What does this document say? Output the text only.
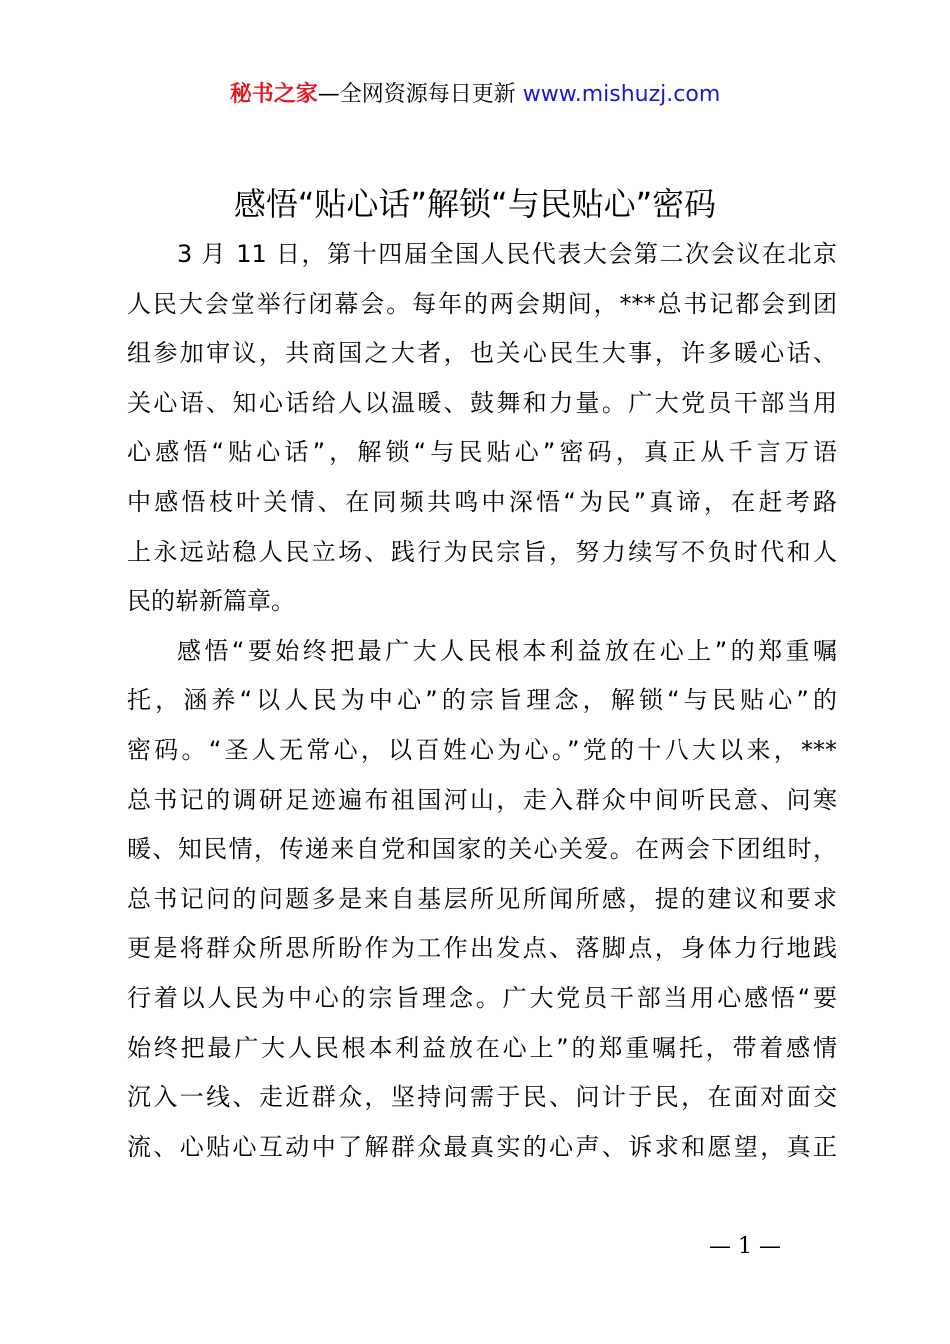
秘书之家—全网资源每日更新 www.mishuzj.com
感悟“贴心话”解锁“与民贴心”密码
3 月 11 日，第十四届全国人民代表大会第二次会议在北京
人民大会堂举行闭幕会。每年的两会期间，***总书记都会到团
组参加审议，共商国之大者，也关心民生大事，许多暖心话、
关心语、知心话给人以温暖、鼓舞和力量。广大党员干部当用
心感悟“贴心话”，解锁“与民贴心”密码，真正从千言万语
中感悟枝叶关情、在同频共鸣中深悟“为民”真谛，在赶考路
上永远站稳人民立场、践行为民宗旨，努力续写不负时代和人
民的崭新篇章。
感悟“要始终把最广大人民根本利益放在心上”的郑重嘱
托，涵养“以人民为中心”的宗旨理念，解锁“与民贴心”的
密码。“圣人无常心，以百姓心为心。”党的十八大以来，***
总书记的调研足迹遍布祖国河山，走入群众中间听民意、问寒
暖、知民情，传递来自党和国家的关心关爱。在两会下团组时，
总书记问的问题多是来自基层所见所闻所感，提的建议和要求
更是将群众所思所盼作为工作出发点、落脚点，身体力行地践
行着以人民为中心的宗旨理念。广大党员干部当用心感悟“要
始终把最广大人民根本利益放在心上”的郑重嘱托，带着感情
沉入一线、走近群众，坚持问需于民、问计于民，在面对面交
流、心贴心互动中了解群众最真实的心声、诉求和愿望，真正
— 1 —
